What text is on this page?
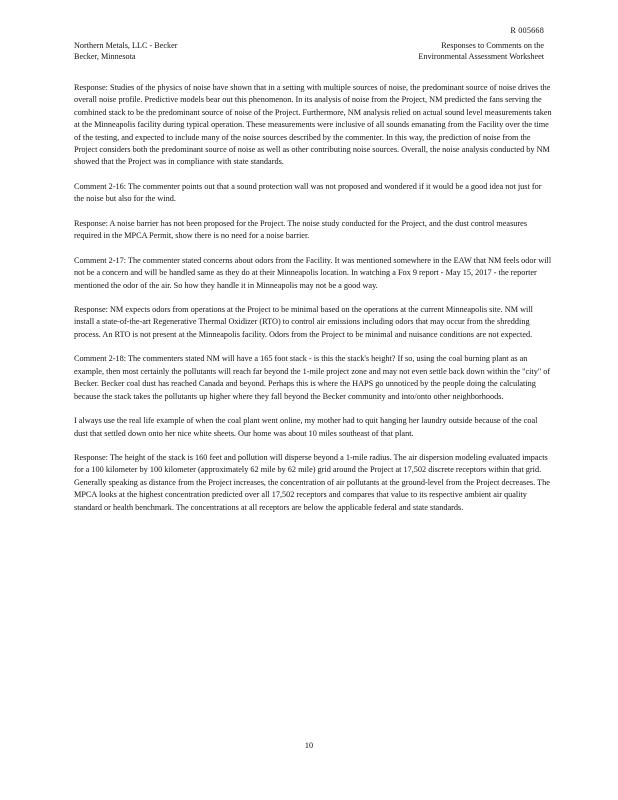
R 005668
Northern Metals, LLC - Becker
Becker, Minnesota
Responses to Comments on the
Environmental Assessment Worksheet

Response: Studies of the physics of noise have shown that in a setting with multiple sources of noise, the predominant source of noise drives the overall noise profile. Predictive models bear out this phenomenon. In its analysis of noise from the Project, NM predicted the fans serving the combined stack to be the predominant source of noise of the Project. Furthermore, NM analysis relied on actual sound level measurements taken at the Minneapolis facility during typical operation. These measurements were inclusive of all sounds emanating from the Facility over the time of the testing, and expected to include many of the noise sources described by the commenter. In this way, the prediction of noise from the Project considers both the predominant source of noise as well as other contributing noise sources. Overall, the noise analysis conducted by NM showed that the Project was in compliance with state standards.

Comment 2-16: The commenter points out that a sound protection wall was not proposed and wondered if it would be a good idea not just for the noise but also for the wind.

Response: A noise barrier has not been proposed for the Project. The noise study conducted for the Project, and the dust control measures required in the MPCA Permit, show there is no need for a noise barrier.

Comment 2-17: The commenter stated concerns about odors from the Facility. It was mentioned somewhere in the EAW that NM feels odor will not be a concern and will be handled same as they do at their Minneapolis location. In watching a Fox 9 report - May 15, 2017 - the reporter mentioned the odor of the air. So how they handle it in Minneapolis may not be a good way.

Response: NM expects odors from operations at the Project to be minimal based on the operations at the current Minneapolis site. NM will install a state-of-the-art Regenerative Thermal Oxidizer (RTO) to control air emissions including odors that may occur from the shredding process. An RTO is not present at the Minneapolis facility. Odors from the Project to be minimal and nuisance conditions are not expected.

Comment 2-18: The commenters stated NM will have a 165 foot stack - is this the stack's height? If so, using the coal burning plant as an example, then most certainly the pollutants will reach far beyond the 1-mile project zone and may not even settle back down within the "city" of Becker. Becker coal dust has reached Canada and beyond. Perhaps this is where the HAPS go unnoticed by the people doing the calculating because the stack takes the pollutants up higher where they fall beyond the Becker community and into/onto other neighborhoods.

I always use the real life example of when the coal plant went online, my mother had to quit hanging her laundry outside because of the coal dust that settled down onto her nice white sheets. Our home was about 10 miles southeast of that plant.

Response: The height of the stack is 160 feet and pollution will disperse beyond a 1-mile radius. The air dispersion modeling evaluated impacts for a 100 kilometer by 100 kilometer (approximately 62 mile by 62 mile) grid around the Project at 17,502 discrete receptors within that grid. Generally speaking as distance from the Project increases, the concentration of air pollutants at the ground-level from the Project decreases. The MPCA looks at the highest concentration predicted over all 17,502 receptors and compares that value to its respective ambient air quality standard or health benchmark. The concentrations at all receptors are below the applicable federal and state standards.

10
